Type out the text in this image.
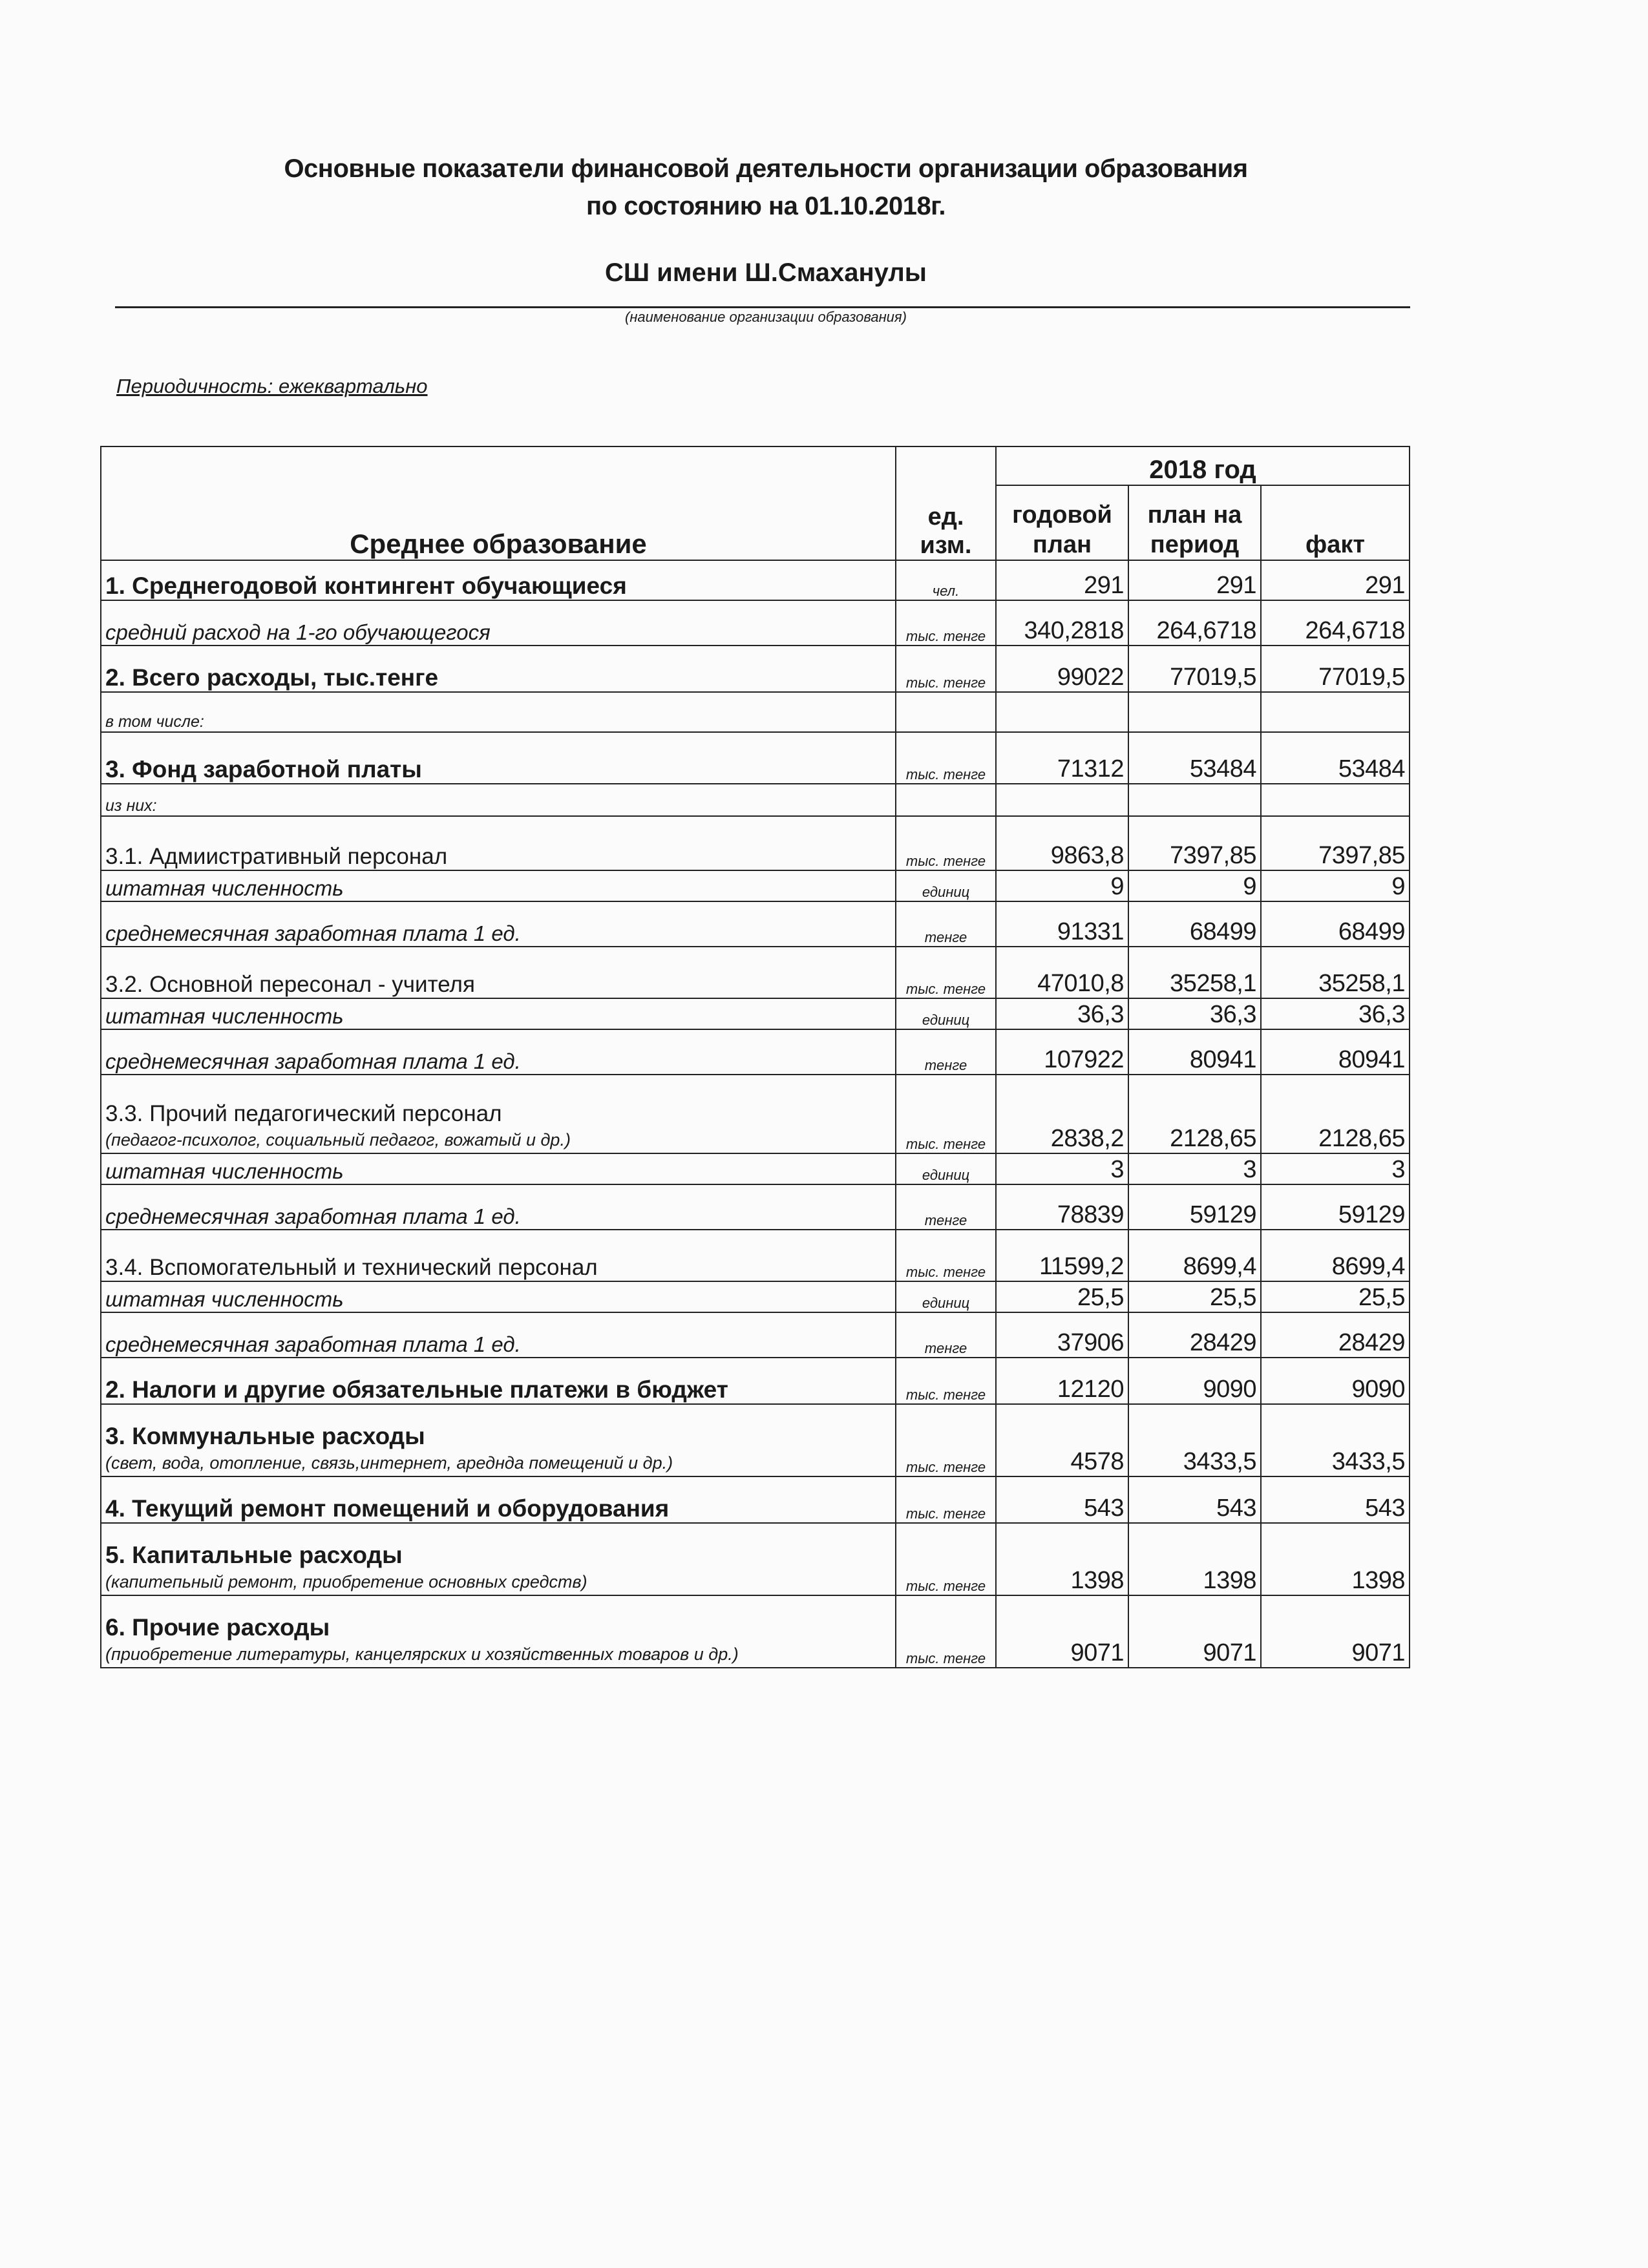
Основные показатели финансовой деятельности организации образования
по состоянию на 01.10.2018г.
СШ имени Ш.Смаханулы
(наименование организации образования)
Периодичность: ежеквартально
Среднее образование	ед. изм.	2018 год		
		годовой план	план на период	факт
1. Среднегодовой контингент обучающиеся	чел.	291	291	291
средний расход на 1-го обучающегося	тыс. тенге	340,2818	264,6718	264,6718
2. Всего расходы, тыс.тенге	тыс. тенге	99022	77019,5	77019,5
в том числе:				
3. Фонд заработной платы	тыс. тенге	71312	53484	53484
из них:				
3.1. Адмиистративный персонал	тыс. тенге	9863,8	7397,85	7397,85
штатная численность	единиц	9	9	9
среднемесячная заработная плата 1 ед.	тенге	91331	68499	68499
3.2. Основной пересонал - учителя	тыс. тенге	47010,8	35258,1	35258,1
штатная численность	единиц	36,3	36,3	36,3
среднемесячная заработная плата 1 ед.	тенге	107922	80941	80941
3.3. Прочий педагогический персонал
(педагог-психолог, социальный педагог, вожатый и др.)	тыс. тенге	2838,2	2128,65	2128,65
штатная численность	единиц	3	3	3
среднемесячная заработная плата 1 ед.	тенге	78839	59129	59129
3.4. Вспомогательный и технический персонал	тыс. тенге	11599,2	8699,4	8699,4
штатная численность	единиц	25,5	25,5	25,5
среднемесячная заработная плата 1 ед.	тенге	37906	28429	28429
2. Налоги и другие обязательные платежи в бюджет	тыс. тенге	12120	9090	9090
3. Коммунальные расходы
(свет, вода, отопление, связь,интернет, ареднда помещений и др.)	тыс. тенге	4578	3433,5	3433,5
4. Текущий ремонт помещений и оборудования	тыс. тенге	543	543	543
5. Капитальные расходы
(капитепьный ремонт, приобретение основных средств)	тыс. тенге	1398	1398	1398
6. Прочие расходы
(приобретение литературы, канцелярских и хозяйственных товаров и др.)	тыс. тенге	9071	9071	9071
